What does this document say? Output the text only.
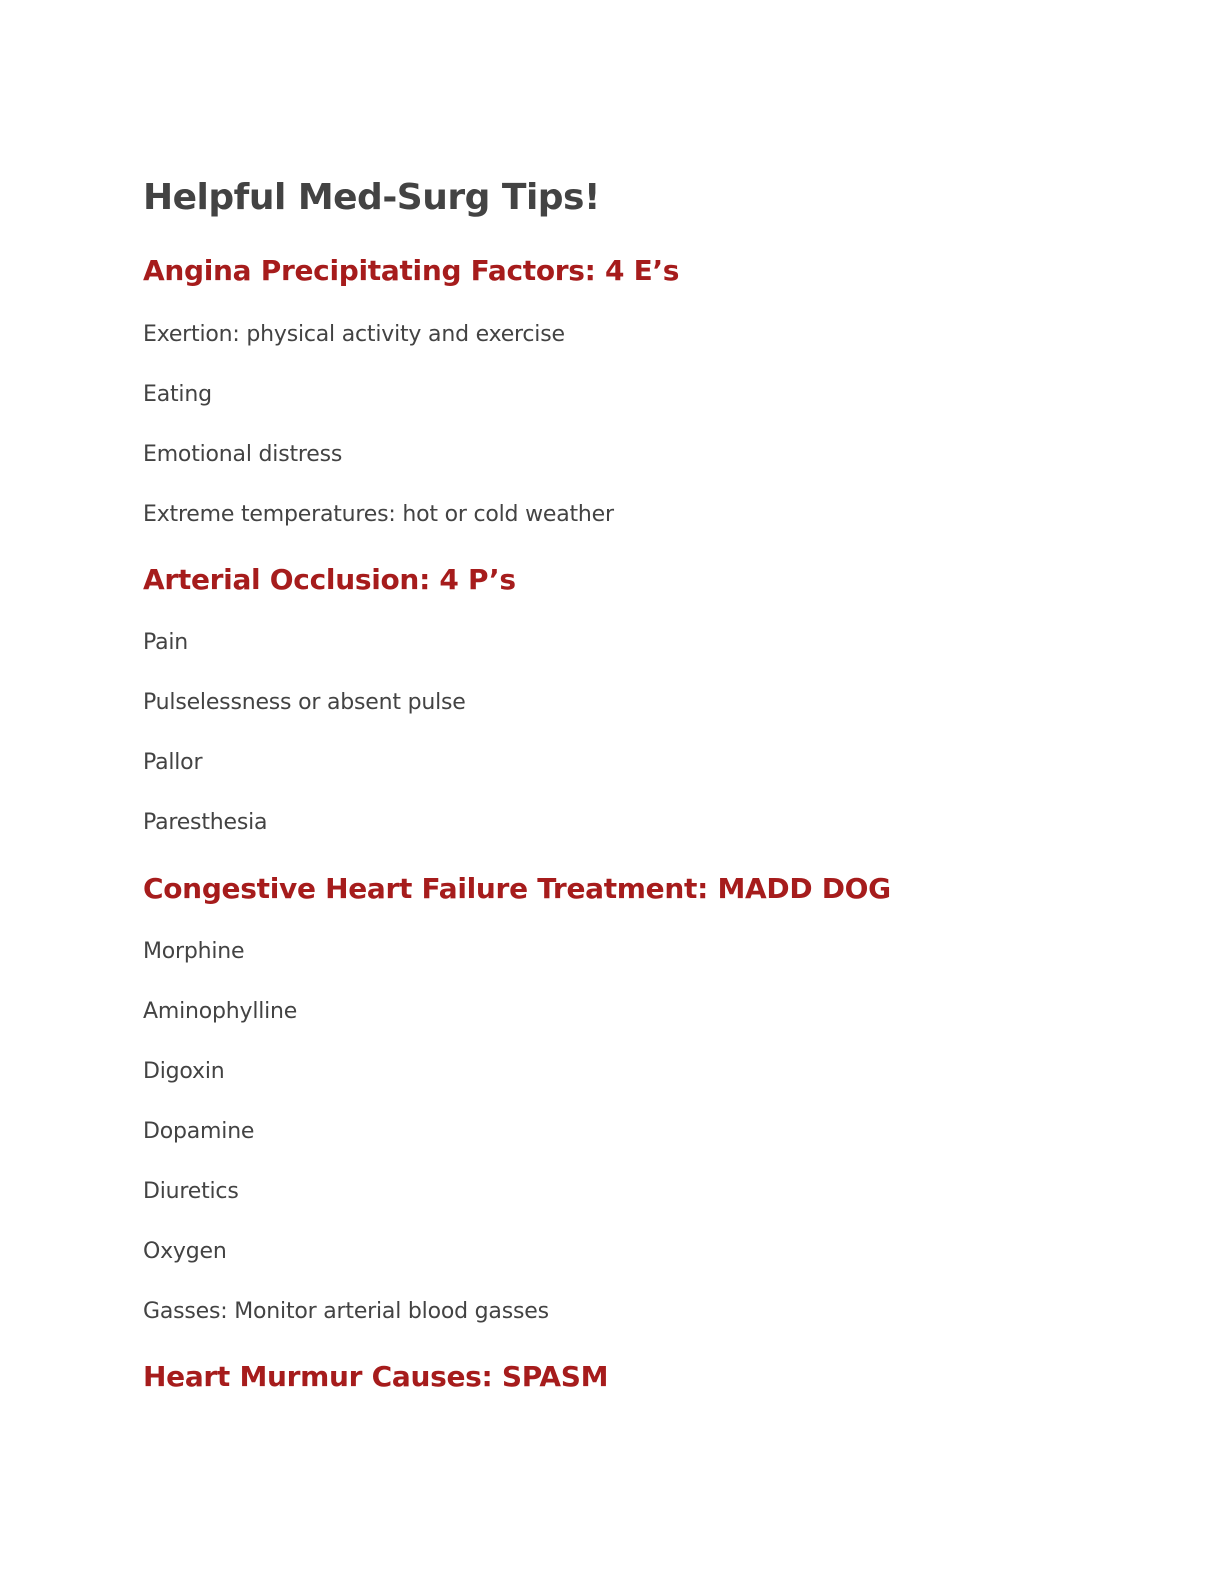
Helpful Med-Surg Tips!
Angina Precipitating Factors: 4 E’s

Exertion: physical activity and exercise

Eating

Emotional distress

Extreme temperatures: hot or cold weather

Arterial Occlusion: 4 P’s

Pain

Pulselessness or absent pulse

Pallor

Paresthesia

Congestive Heart Failure Treatment: MADD DOG

Morphine

Aminophylline

Digoxin

Dopamine

Diuretics

Oxygen

Gasses: Monitor arterial blood gasses

Heart Murmur Causes: SPASM
